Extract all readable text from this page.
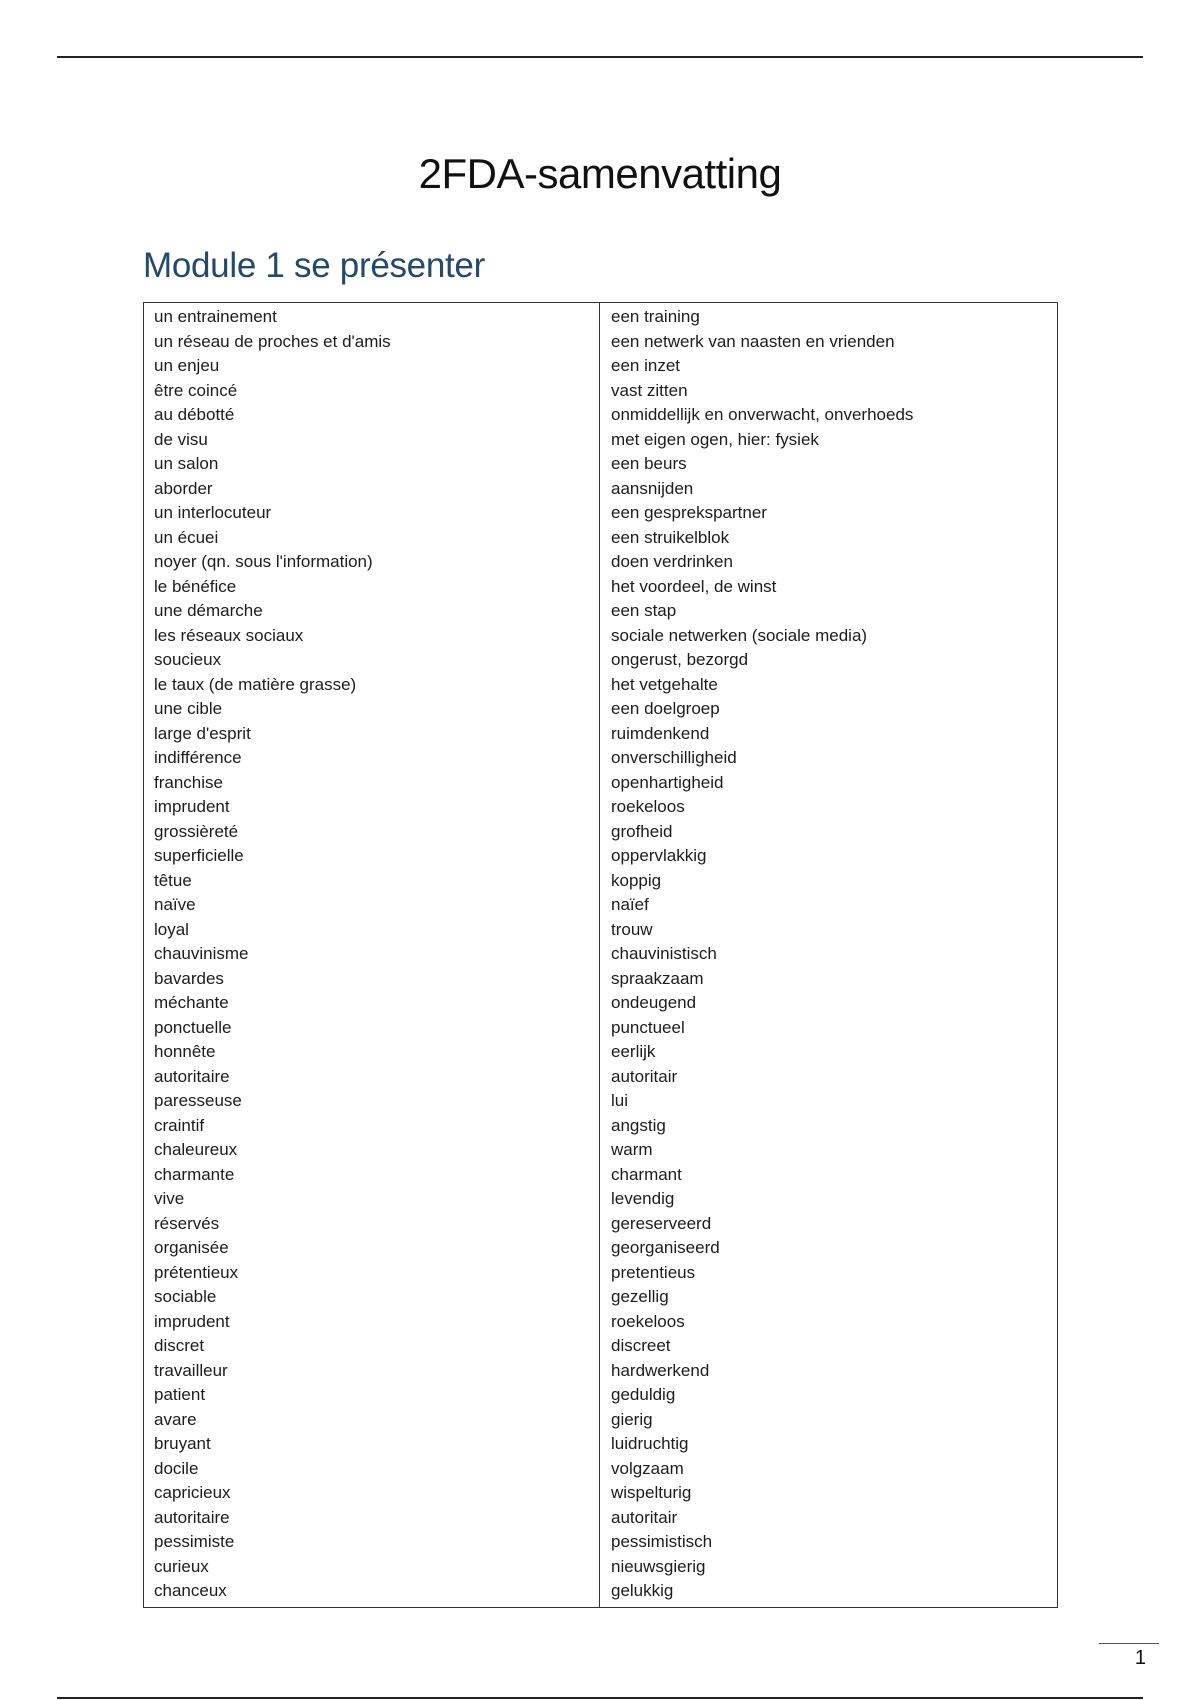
2FDA-samenvatting
Module 1 se présenter
un entrainement
un réseau de proches et d'amis
un enjeu
être coincé
au débotté
de visu
un salon
aborder
un interlocuteur
un écuei
noyer (qn. sous l'information)
le bénéfice
une démarche
les réseaux sociaux
soucieux
le taux (de matière grasse)
une cible
large d'esprit
indifférence
franchise
imprudent
grossièreté
superficielle
têtue
naïve
loyal
chauvinisme
bavardes
méchante
ponctuelle
honnête
autoritaire
paresseuse
craintif
chaleureux
charmante
vive
réservés
organisée
prétentieux
sociable
imprudent
discret
travailleur
patient
avare
bruyant
docile
capricieux
autoritaire
pessimiste
curieux
chanceux
een training
een netwerk van naasten en vrienden
een inzet
vast zitten
onmiddellijk en onverwacht, onverhoeds
met eigen ogen, hier: fysiek
een beurs
aansnijden
een gesprekspartner
een struikelblok
doen verdrinken
het voordeel, de winst
een stap
sociale netwerken (sociale media)
ongerust, bezorgd
het vetgehalte
een doelgroep
ruimdenkend
onverschilligheid
openhartigheid
roekeloos
grofheid
oppervlakkig
koppig
naïef
trouw
chauvinistisch
spraakzaam
ondeugend
punctueel
eerlijk
autoritair
lui
angstig
warm
charmant
levendig
gereserveerd
georganiseerd
pretentieus
gezellig
roekeloos
discreet
hardwerkend
geduldig
gierig
luidruchtig
volgzaam
wispelturig
autoritair
pessimistisch
nieuwsgierig
gelukkig
1
